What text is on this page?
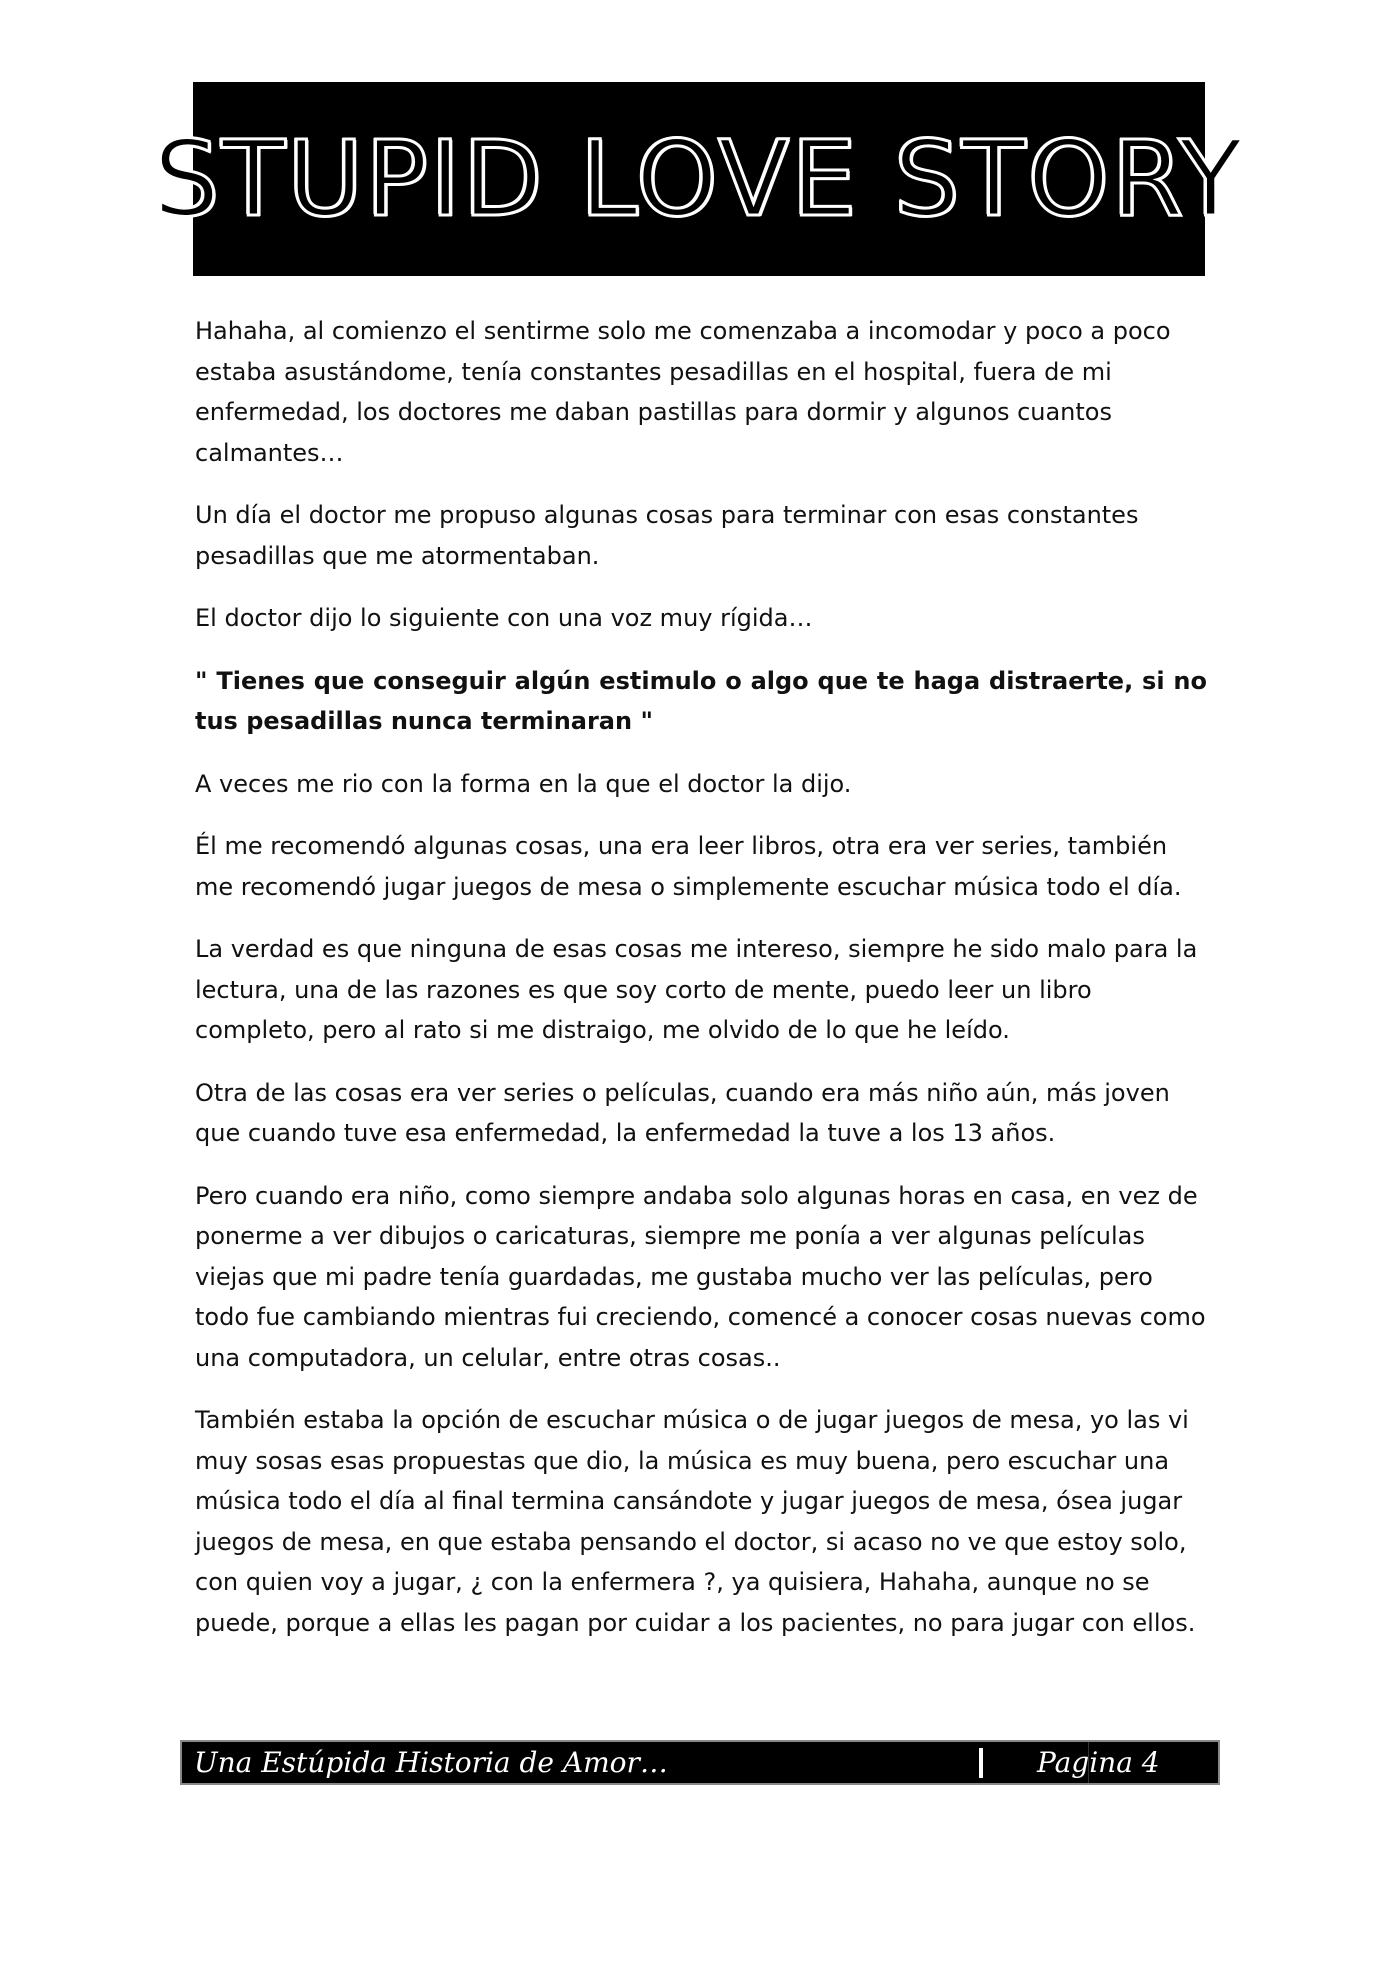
STUPID LOVE STORY

Hahaha, al comienzo el sentirme solo me comenzaba a incomodar y poco a poco estaba asustándome, tenía constantes pesadillas en el hospital, fuera de mi enfermedad, los doctores me daban pastillas para dormir y algunos cuantos calmantes…

Un día el doctor me propuso algunas cosas para terminar con esas constantes pesadillas que me atormentaban.

El doctor dijo lo siguiente con una voz muy rígida…

" Tienes que conseguir algún estimulo o algo que te haga distraerte, si no tus pesadillas nunca terminaran "

A veces me rio con la forma en la que el doctor la dijo.

Él me recomendó algunas cosas, una era leer libros, otra era ver series, también me recomendó jugar juegos de mesa o simplemente escuchar música todo el día.

La verdad es que ninguna de esas cosas me intereso, siempre he sido malo para la lectura, una de las razones es que soy corto de mente, puedo leer un libro completo, pero al rato si me distraigo, me olvido de lo que he leído.

Otra de las cosas era ver series o películas, cuando era más niño aún, más joven que cuando tuve esa enfermedad, la enfermedad la tuve a los 13 años.

Pero cuando era niño, como siempre andaba solo algunas horas en casa, en vez de ponerme a ver dibujos o caricaturas, siempre me ponía a ver algunas películas viejas que mi padre tenía guardadas, me gustaba mucho ver las películas, pero todo fue cambiando mientras fui creciendo, comencé a conocer cosas nuevas como una computadora, un celular, entre otras cosas..

También estaba la opción de escuchar música o de jugar juegos de mesa, yo las vi muy sosas esas propuestas que dio, la música es muy buena, pero escuchar una música todo el día al final termina cansándote y jugar juegos de mesa, ósea jugar juegos de mesa, en que estaba pensando el doctor, si acaso no ve que estoy solo, con quien voy a jugar, ¿ con la enfermera ?, ya quisiera, Hahaha, aunque no se puede, porque a ellas les pagan por cuidar a los pacientes, no para jugar con ellos.

Una Estúpida Historia de Amor…	Pagina 4
